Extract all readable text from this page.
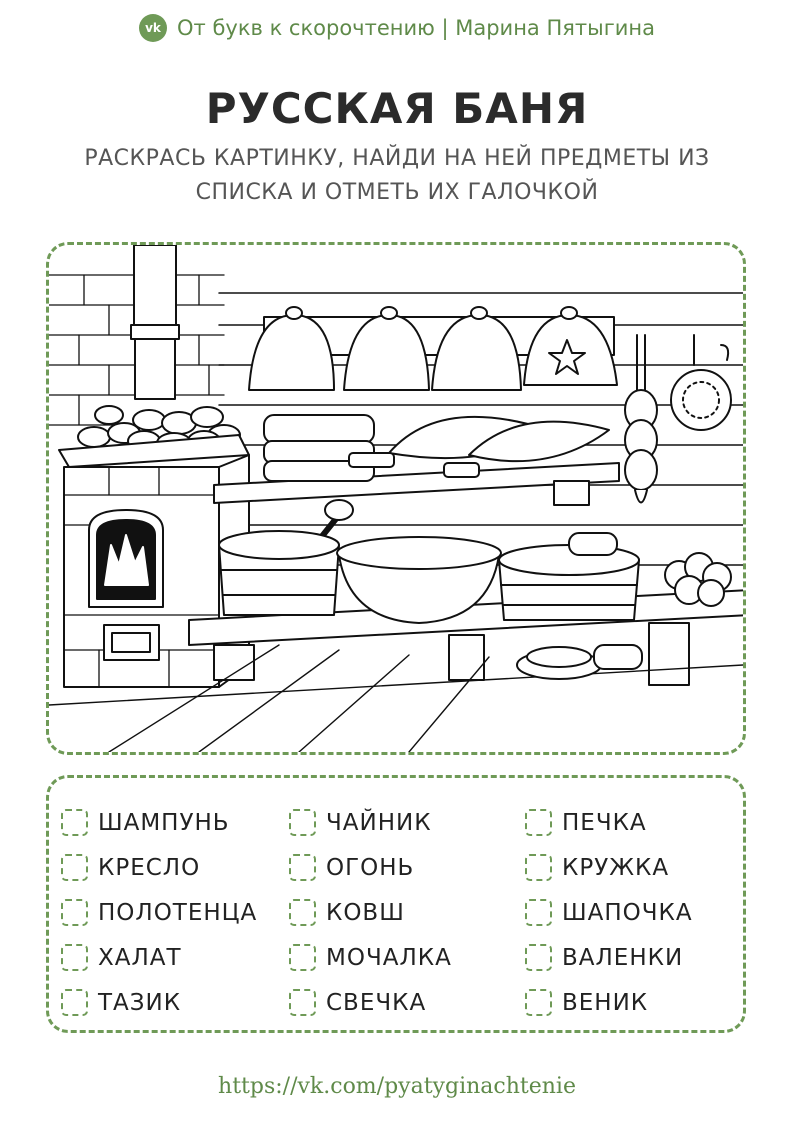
vk От букв к скорочтению | Марина Пятыгина
РУССКАЯ БАНЯ
РАСКРАСЬ КАРТИНКУ, НАЙДИ НА НЕЙ ПРЕДМЕТЫ ИЗ
СПИСКА И ОТМЕТЬ ИХ ГАЛОЧКОЙ
ШАМПУНЬ
КРЕСЛО
ПОЛОТЕНЦА
ХАЛАТ
ТАЗИК
ЧАЙНИК
ОГОНЬ
КОВШ
МОЧАЛКА
СВЕЧКА
ПЕЧКА
КРУЖКА
ШАПОЧКА
ВАЛЕНКИ
ВЕНИК
https://vk.com/pyatyginachtenie
